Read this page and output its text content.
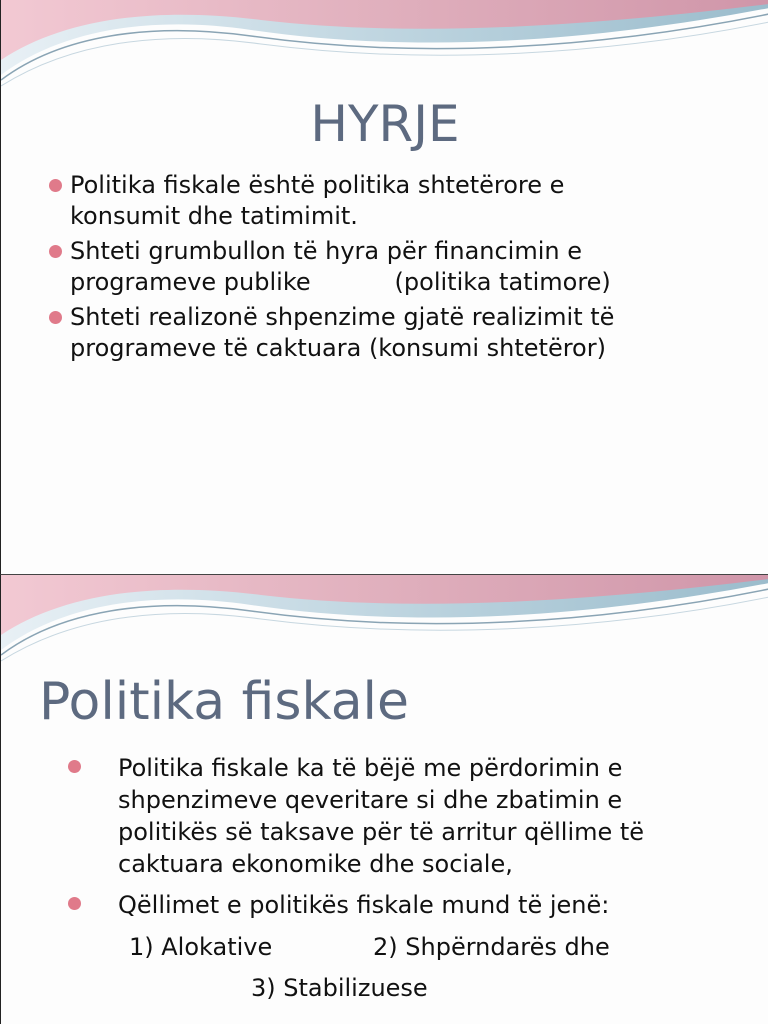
HYRJE
Politika fiskale është politika shtetërore e
konsumit dhe tatimimit.
Shteti grumbullon të hyra për financimin e
programeve publike           (politika tatimore)
Shteti realizonë shpenzime gjatë realizimit të
programeve të caktuara (konsumi shtetëror)
Politika fiskale
Politika fiskale ka të bëjë me përdorimin e
shpenzimeve qeveritare si dhe zbatimin e
politikës së taksave për të arritur qëllime të
caktuara ekonomike dhe sociale,
Qëllimet e politikës fiskale mund të jenë:
1) Alokative	2) Shpërndarës dhe
3) Stabilizuese
